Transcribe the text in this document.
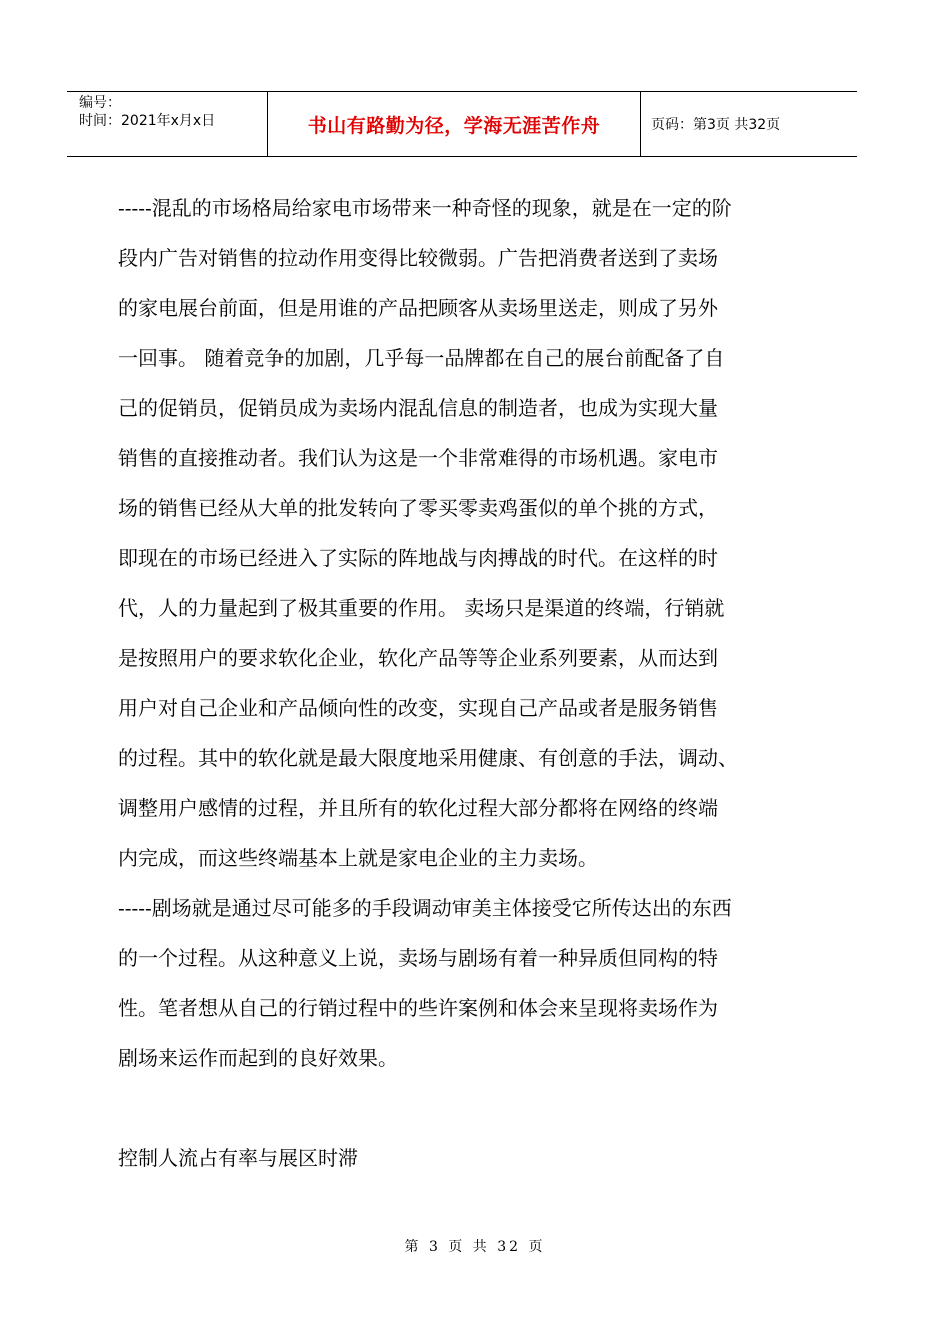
编号：
时间：2021年x月x日	书山有路勤为径，学海无涯苦作舟	页码：第3页 共32页

-----混乱的市场格局给家电市场带来一种奇怪的现象，就是在一定的阶
段内广告对销售的拉动作用变得比较微弱。广告把消费者送到了卖场
的家电展台前面，但是用谁的产品把顾客从卖场里送走，则成了另外
一回事。 随着竞争的加剧，几乎每一品牌都在自己的展台前配备了自
己的促销员，促销员成为卖场内混乱信息的制造者，也成为实现大量
销售的直接推动者。我们认为这是一个非常难得的市场机遇。家电市
场的销售已经从大单的批发转向了零买零卖鸡蛋似的单个挑的方式，
即现在的市场已经进入了实际的阵地战与肉搏战的时代。在这样的时
代，人的力量起到了极其重要的作用。 卖场只是渠道的终端，行销就
是按照用户的要求软化企业，软化产品等等企业系列要素，从而达到
用户对自己企业和产品倾向性的改变，实现自己产品或者是服务销售
的过程。其中的软化就是最大限度地采用健康、有创意的手法，调动、
调整用户感情的过程，并且所有的软化过程大部分都将在网络的终端
内完成，而这些终端基本上就是家电企业的主力卖场。

-----剧场就是通过尽可能多的手段调动审美主体接受它所传达出的东西
的一个过程。从这种意义上说，卖场与剧场有着一种异质但同构的特
性。笔者想从自己的行销过程中的些许案例和体会来呈现将卖场作为
剧场来运作而起到的良好效果。

控制人流占有率与展区时滞
第 3 页 共 32 页
